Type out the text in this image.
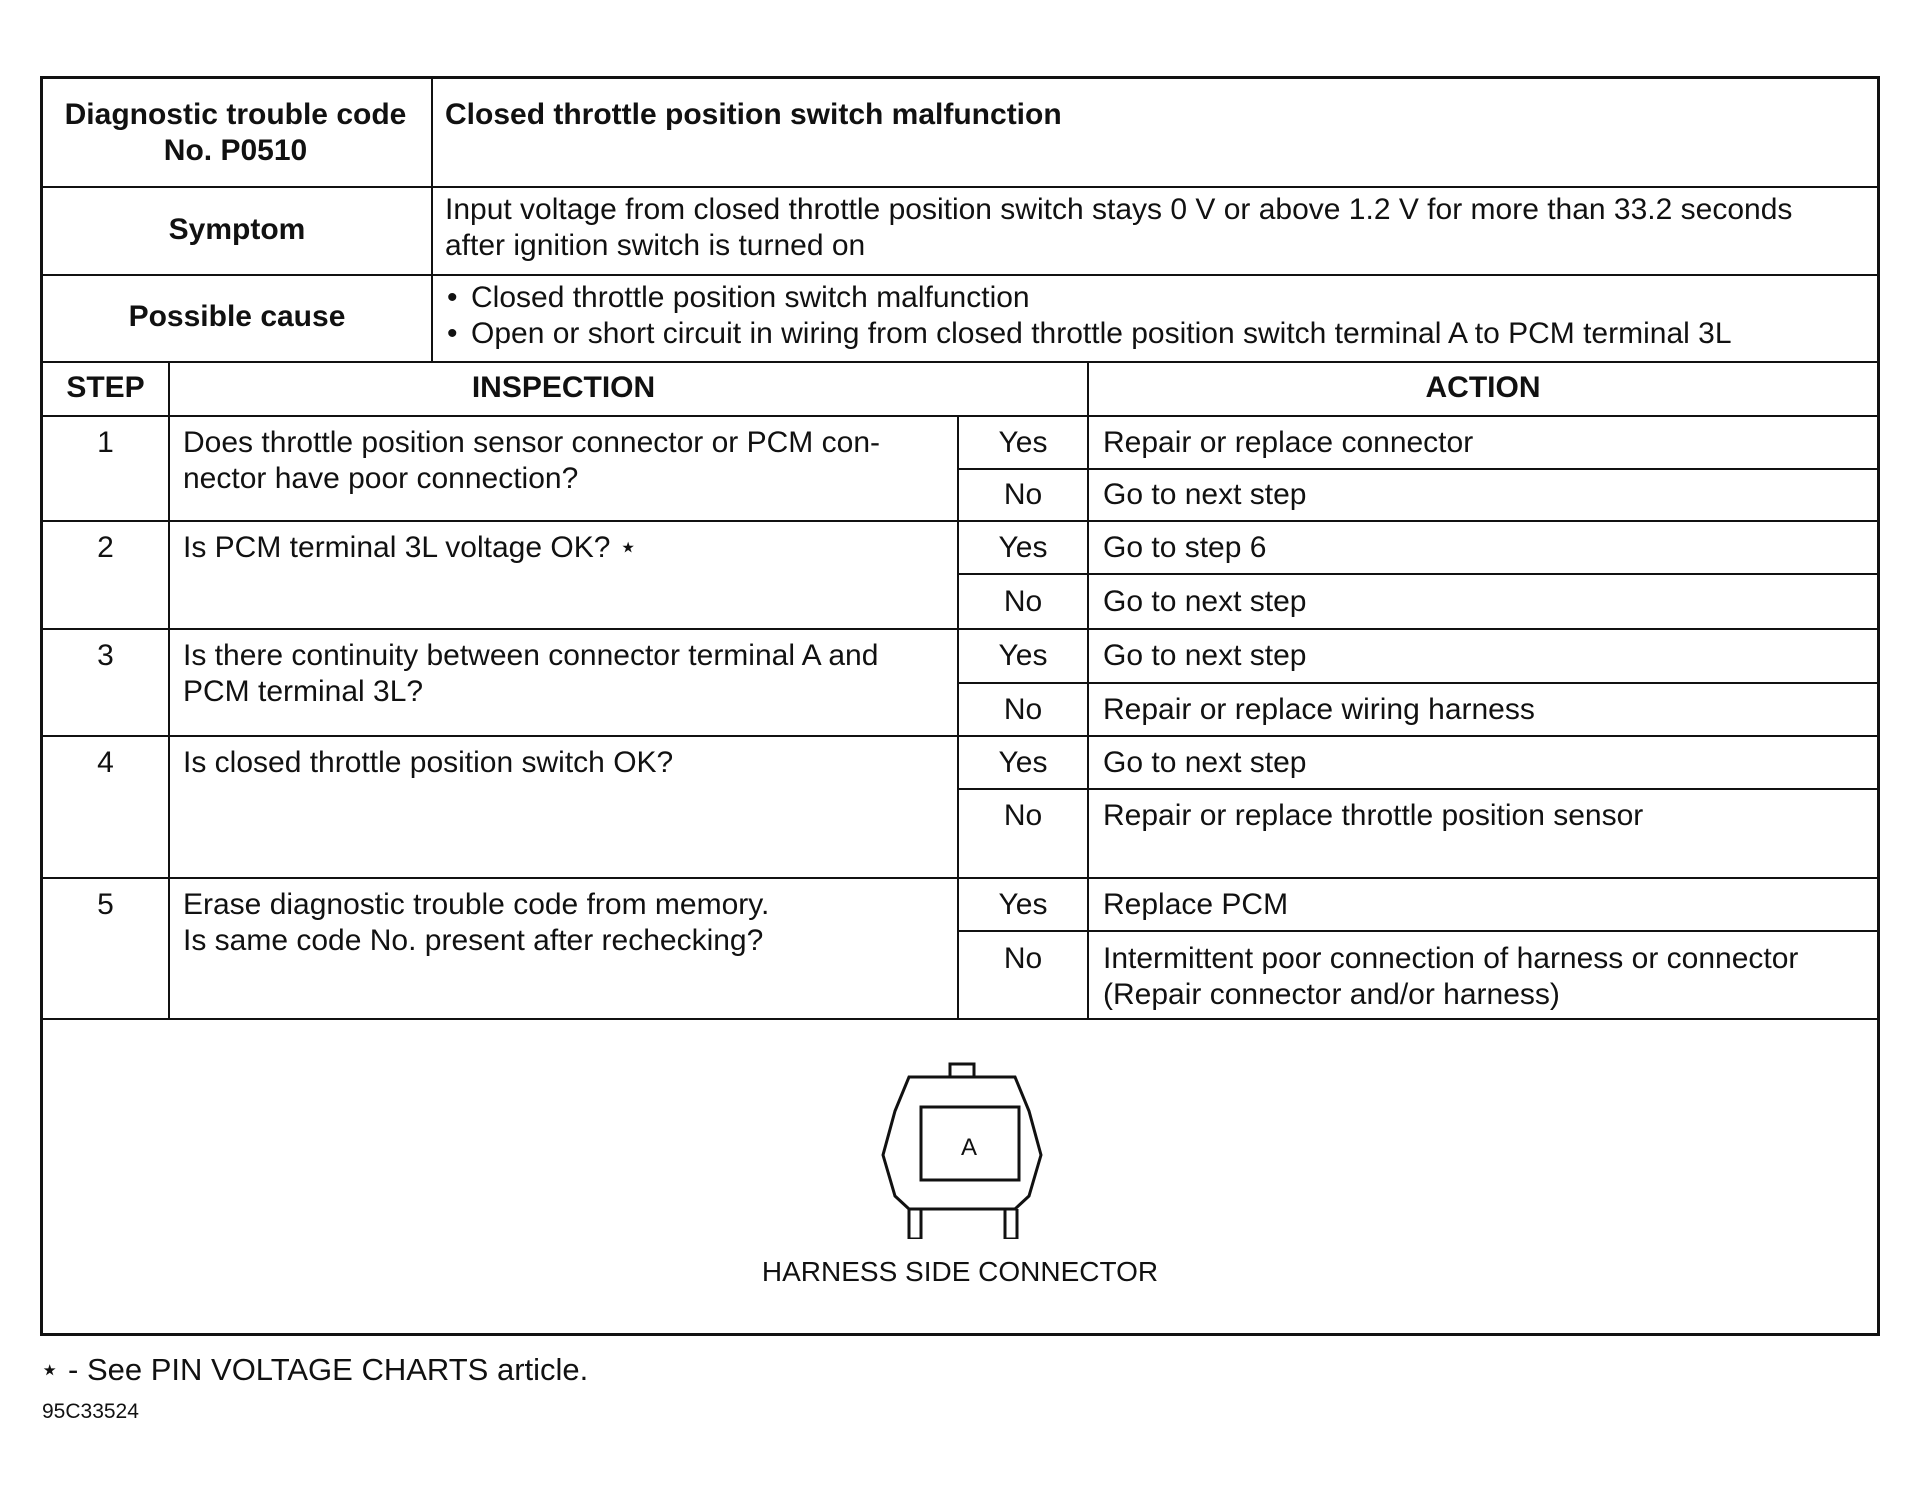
Diagnostic trouble code No. P0510
Closed throttle position switch malfunction
Symptom
Input voltage from closed throttle position switch stays 0 V or above 1.2 V for more than 33.2 seconds after ignition switch is turned on
Possible cause
• Closed throttle position switch malfunction
• Open or short circuit in wiring from closed throttle position switch terminal A to PCM terminal 3L
STEP	INSPECTION	ACTION
1	Does throttle position sensor connector or PCM con-
nector have poor connection?
Yes	Repair or replace connector
No	Go to next step
2	Is PCM terminal 3L voltage OK? ⋆	Yes	Go to step 6
No	Go to next step
3	Is there continuity between connector terminal A and
PCM terminal 3L?
Yes	Go to next step
No	Repair or replace wiring harness
4	Is closed throttle position switch OK?	Yes	Go to next step
No	Repair or replace throttle position sensor
5	Erase diagnostic trouble code from memory.
Is same code No. present after rechecking?
Yes	Replace PCM
No	Intermittent poor connection of harness or connector
(Repair connector and/or harness)
A
HARNESS SIDE CONNECTOR
⋆ - See PIN VOLTAGE CHARTS article.
95C33524
